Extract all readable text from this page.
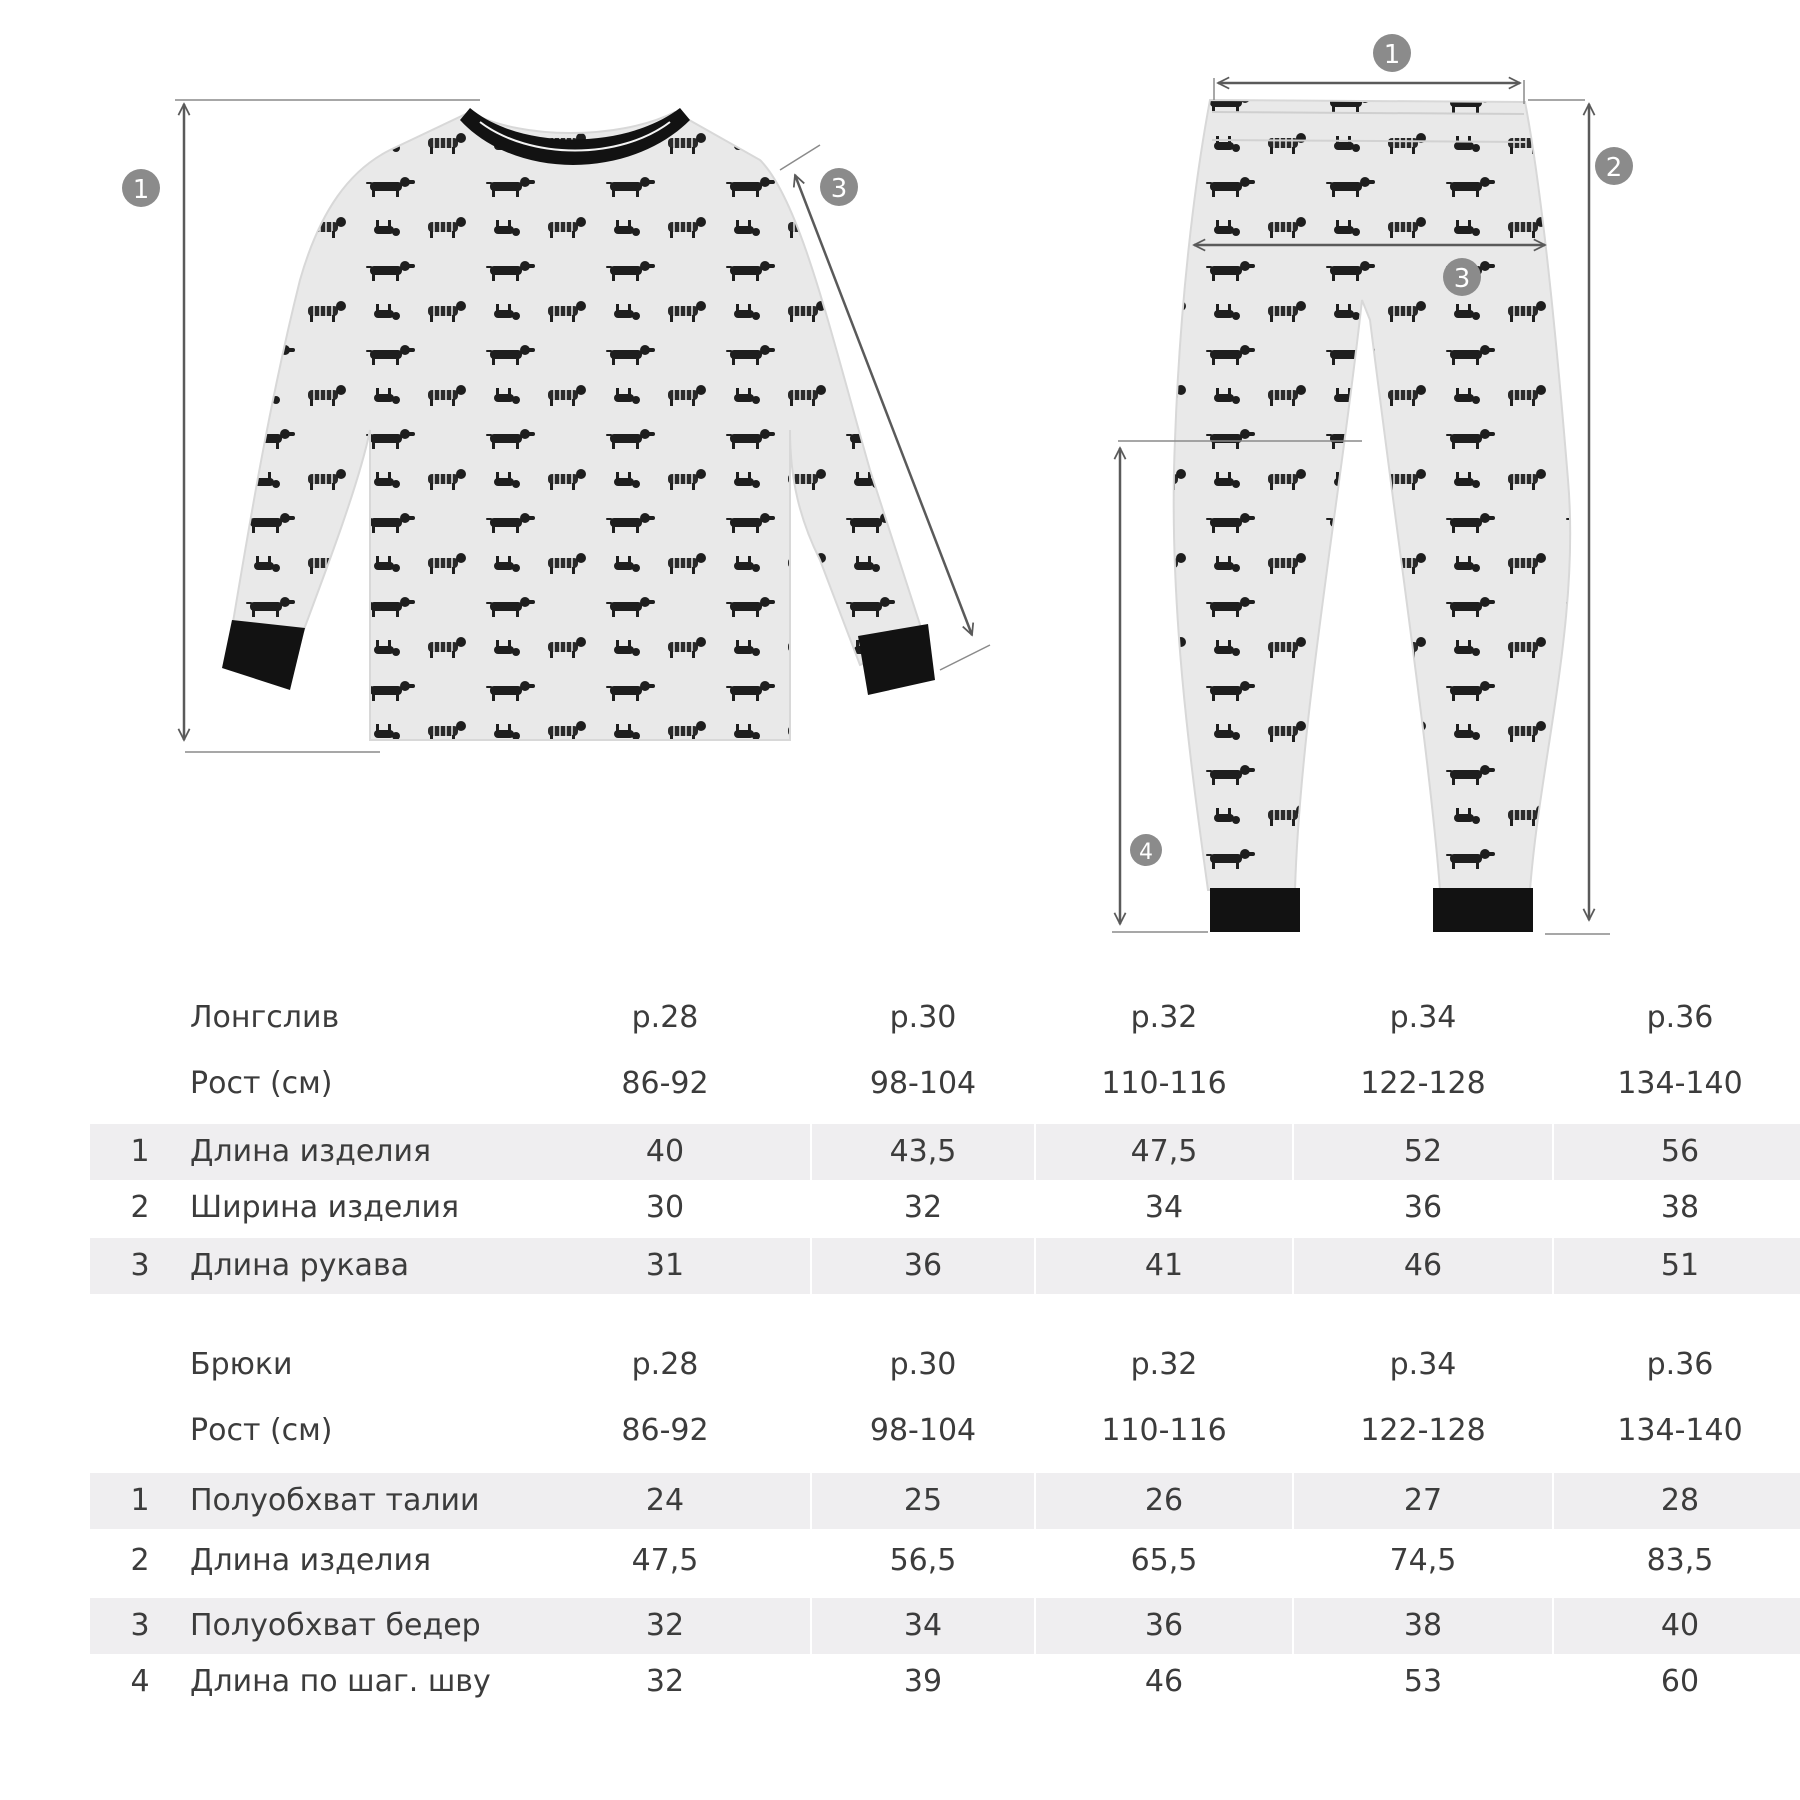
1	3
1
2
3
4
Лонгслив	р.28	р.30	р.32	р.34	р.36
Рост (см)	86-92	98-104	110-116	122-128	134-140
1	Длина изделия	40	43,5	47,5	52	56
2	Ширина изделия	30	32	34	36	38
3	Длина рукава	31	36	41	46	51
Брюки	р.28	р.30	р.32	р.34	р.36
Рост (см)	86-92	98-104	110-116	122-128	134-140
1	Полуобхват талии	24	25	26	27	28
2	Длина изделия	47,5	56,5	65,5	74,5	83,5
3	Полуобхват бедер	32	34	36	38	40
4	Длина по шаг. шву	32	39	46	53	60
